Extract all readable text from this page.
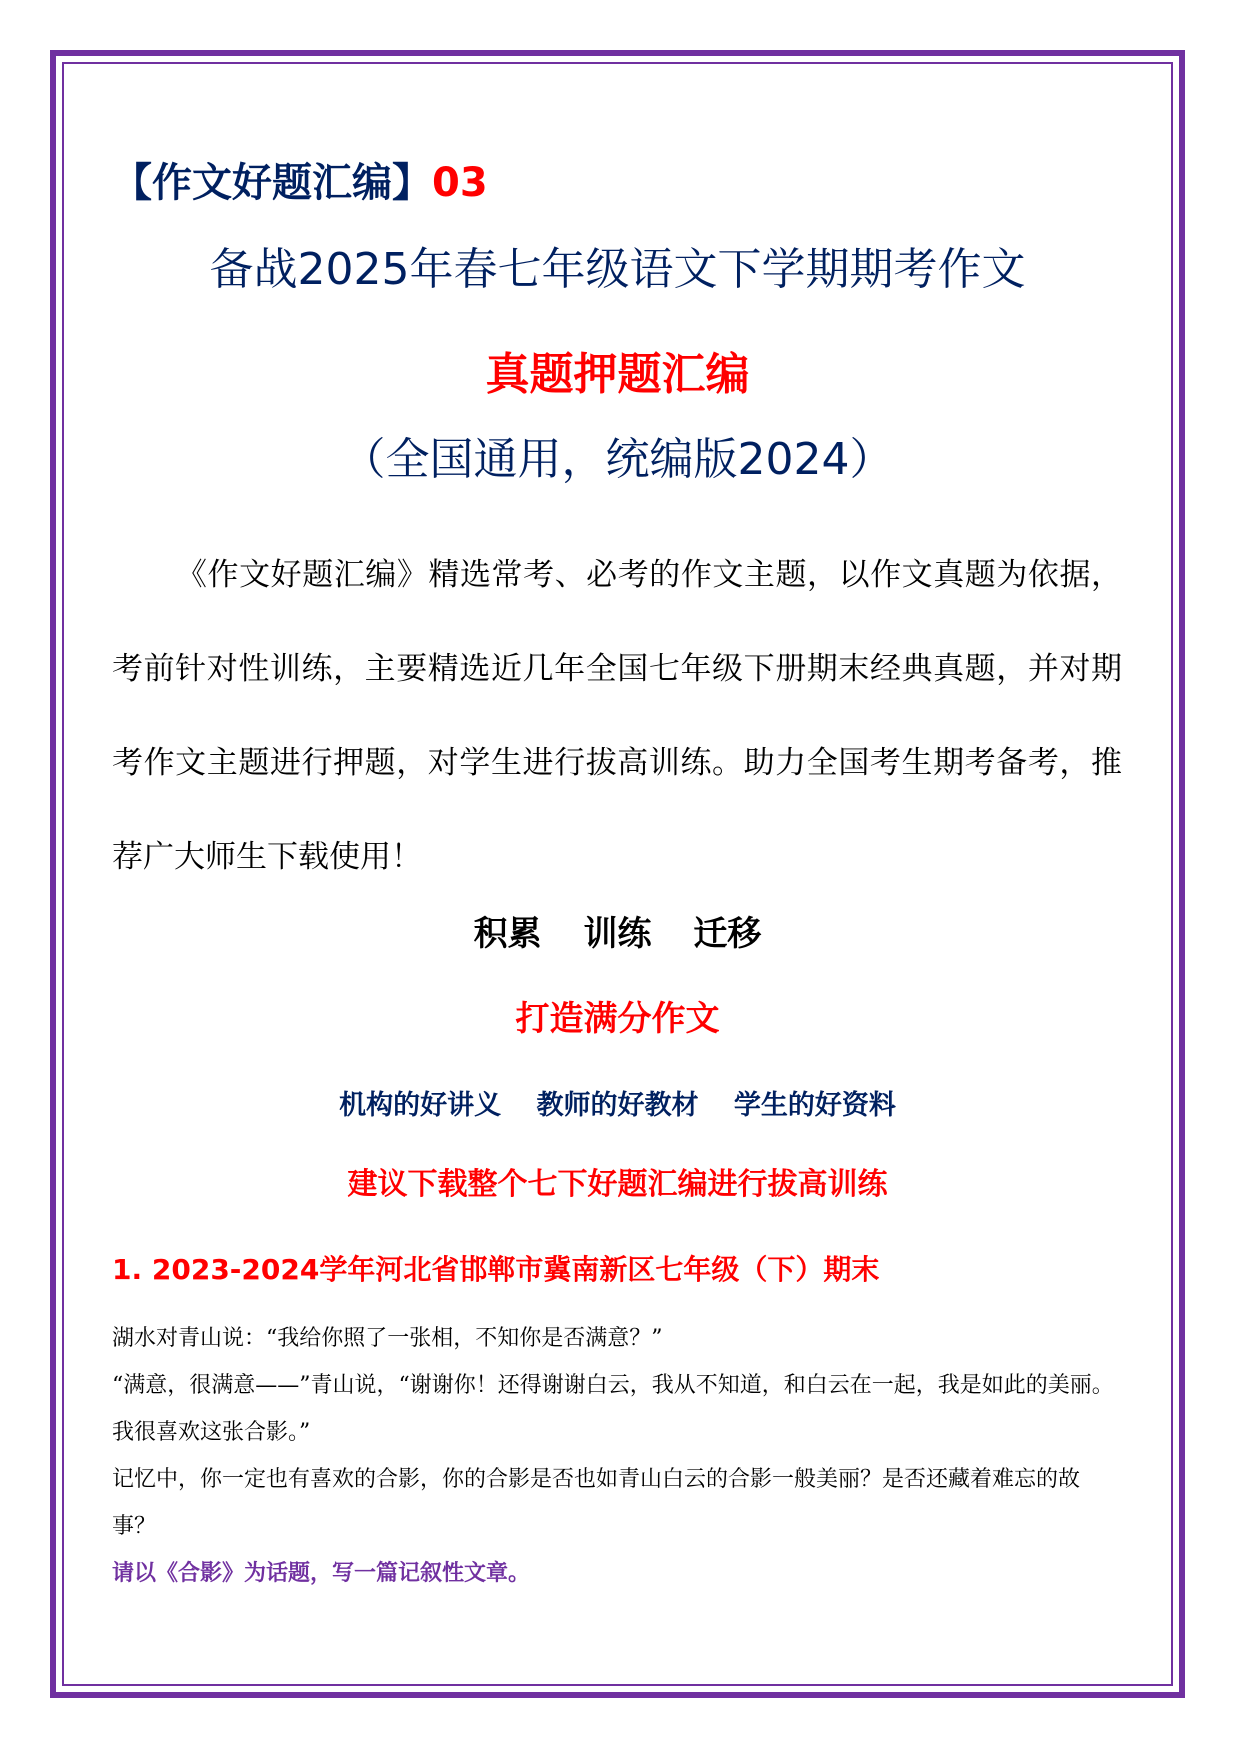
【作文好题汇编】03
备战2025年春七年级语文下学期期考作文
真题押题汇编
（全国通用，统编版2024）
《作文好题汇编》精选常考、必考的作文主题，以作文真题为依据，考前针对性训练，主要精选近几年全国七年级下册期末经典真题，并对期考作文主题进行押题，对学生进行拔高训练。助力全国考生期考备考，推荐广大师生下载使用！
积累 训练 迁移
打造满分作文
机构的好讲义 教师的好教材 学生的好资料
建议下载整个七下好题汇编进行拔高训练
1. 2023-2024学年河北省邯郸市冀南新区七年级（下）期末

湖水对青山说：“我给你照了一张相，不知你是否满意？”

“满意，很满意——”青山说，“谢谢你！还得谢谢白云，我从不知道，和白云在一起，我是如此的美丽。我很喜欢这张合影。”

记忆中，你一定也有喜欢的合影，你的合影是否也如青山白云的合影一般美丽？是否还藏着难忘的故事？

请以《合影》为话题，写一篇记叙性文章。
